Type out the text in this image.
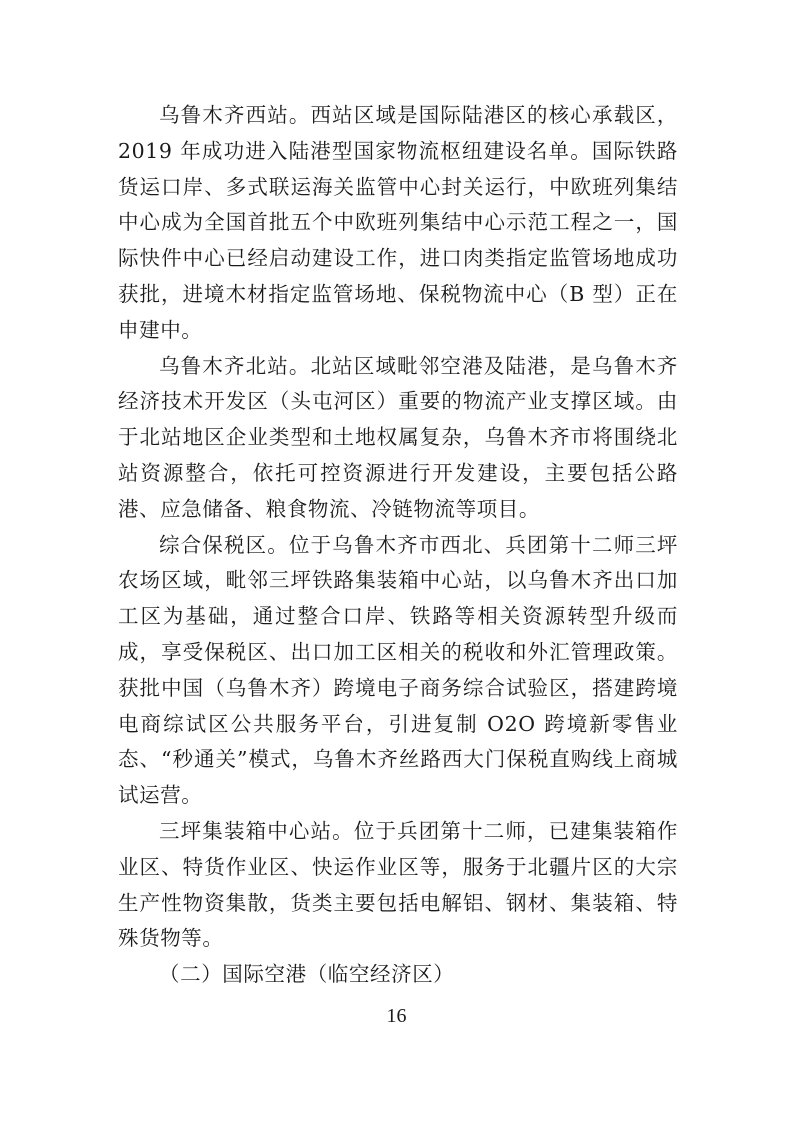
乌鲁木齐西站。西站区域是国际陆港区的核心承载区，2019 年成功进入陆港型国家物流枢纽建设名单。国际铁路货运口岸、多式联运海关监管中心封关运行，中欧班列集结中心成为全国首批五个中欧班列集结中心示范工程之一，国际快件中心已经启动建设工作，进口肉类指定监管场地成功获批，进境木材指定监管场地、保税物流中心（B 型）正在申建中。

乌鲁木齐北站。北站区域毗邻空港及陆港，是乌鲁木齐经济技术开发区（头屯河区）重要的物流产业支撑区域。由于北站地区企业类型和土地权属复杂，乌鲁木齐市将围绕北站资源整合，依托可控资源进行开发建设，主要包括公路港、应急储备、粮食物流、冷链物流等项目。

综合保税区。位于乌鲁木齐市西北、兵团第十二师三坪农场区域，毗邻三坪铁路集装箱中心站，以乌鲁木齐出口加工区为基础，通过整合口岸、铁路等相关资源转型升级而成，享受保税区、出口加工区相关的税收和外汇管理政策。获批中国（乌鲁木齐）跨境电子商务综合试验区，搭建跨境电商综试区公共服务平台，引进复制 O2O 跨境新零售业态、“秒通关”模式，乌鲁木齐丝路西大门保税直购线上商城试运营。

三坪集装箱中心站。位于兵团第十二师，已建集装箱作业区、特货作业区、快运作业区等，服务于北疆片区的大宗生产性物资集散，货类主要包括电解铝、钢材、集装箱、特殊货物等。

（二）国际空港（临空经济区）

16
